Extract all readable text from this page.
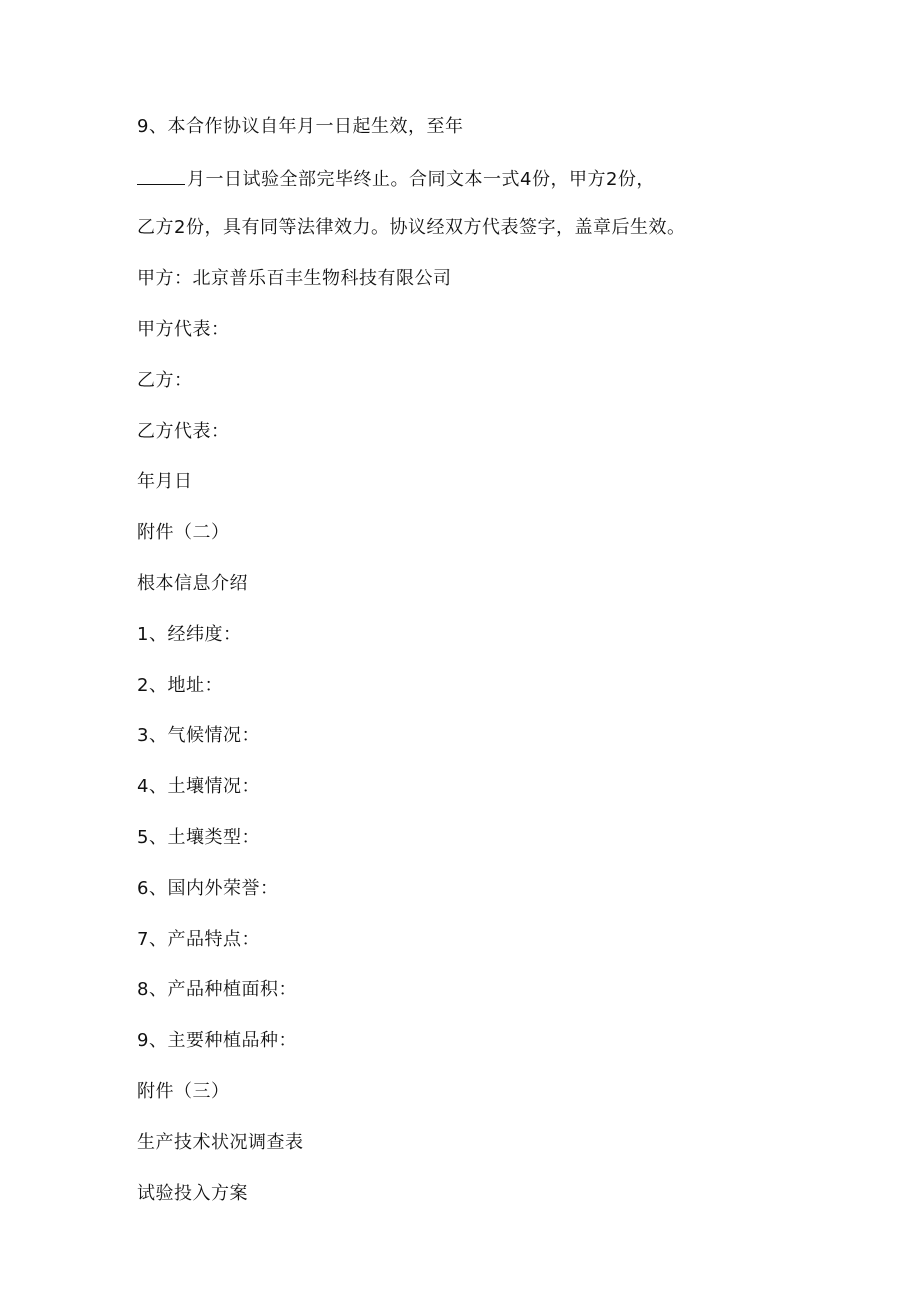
9、本合作协议自年月一日起生效，至年
月一日试验全部完毕终止。合同文本一式4份，甲方2份，
乙方2份，具有同等法律效力。协议经双方代表签字，盖章后生效。
甲方：北京普乐百丰生物科技有限公司
甲方代表：
乙方：
乙方代表：
年月日
附件（二）
根本信息介绍
1、经纬度：
2、地址：
3、气候情况：
4、土壤情况：
5、土壤类型：
6、国内外荣誉：
7、产品特点：
8、产品种植面积：
9、主要种植品种：
附件（三）
生产技术状况调查表
试验投入方案
